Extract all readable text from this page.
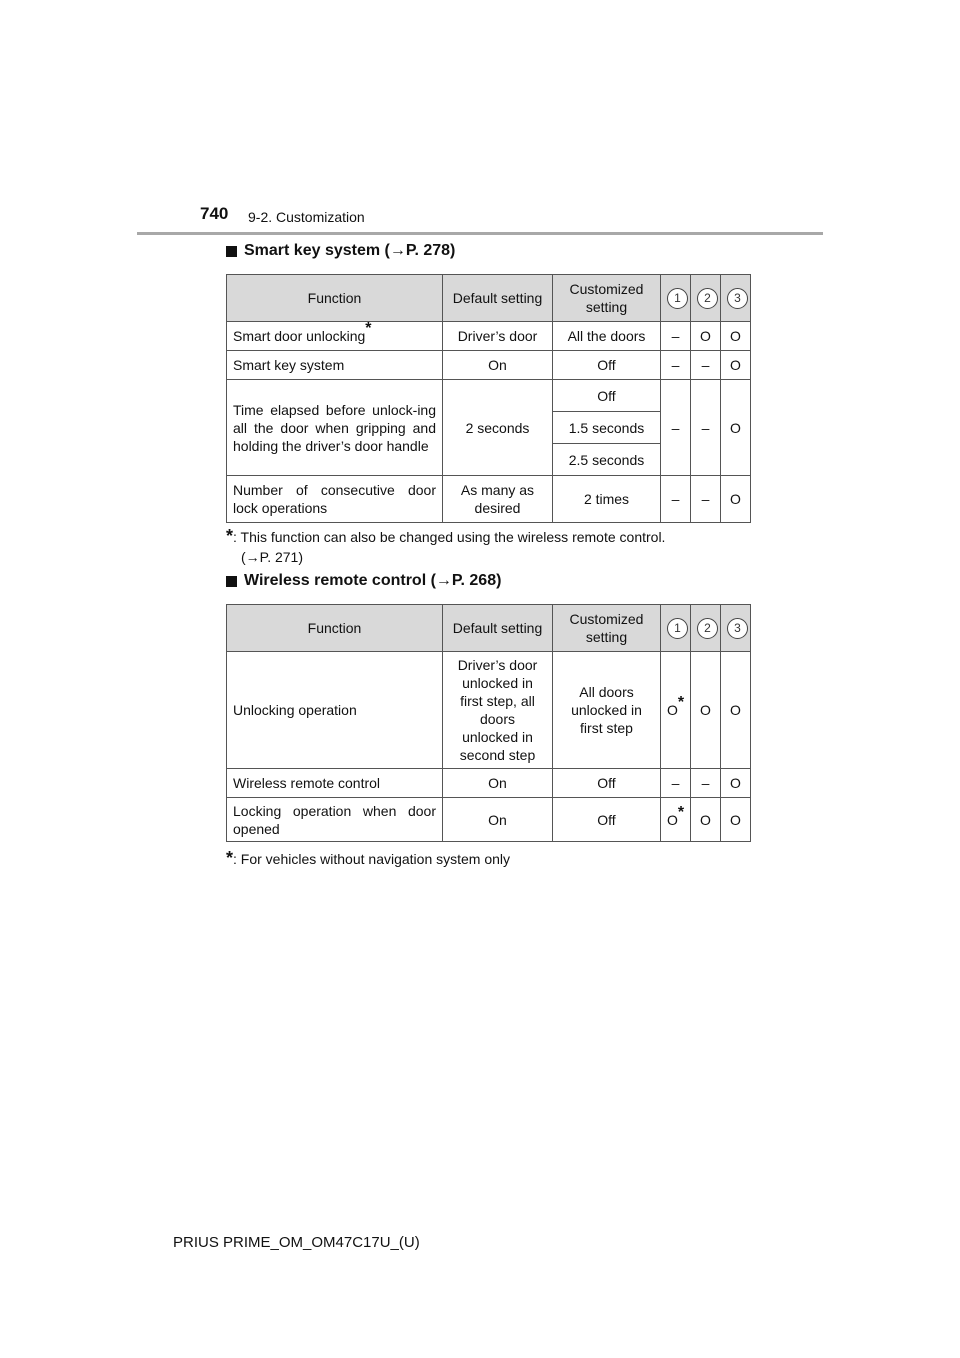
740 9-2. Customization
Smart key system (→P. 278)
Function	Default setting	Customized setting	1	2	3
Smart door unlocking*	Driver’s door	All the doors	–	O	O
Smart key system	On	Off	–	–	O
Time elapsed before unlock-ing all the door when gripping and holding the driver’s door handle	2 seconds	Off	–	–	O
		1.5 seconds			
		2.5 seconds			
Number of consecutive door lock operations	As many as desired	2 times	–	–	O
*: This function can also be changed using the wireless remote control.
(→P. 271)
Wireless remote control (→P. 268)
Function	Default setting	Customized setting	1	2	3
Unlocking operation	Driver’s door unlocked in first step, all doors unlocked in second step	All doors unlocked in first step	O*	O	O
Wireless remote control	On	Off	–	–	O
Locking operation when door opened	On	Off	O*	O	O
*: For vehicles without navigation system only
PRIUS PRIME_OM_OM47C17U_(U)
